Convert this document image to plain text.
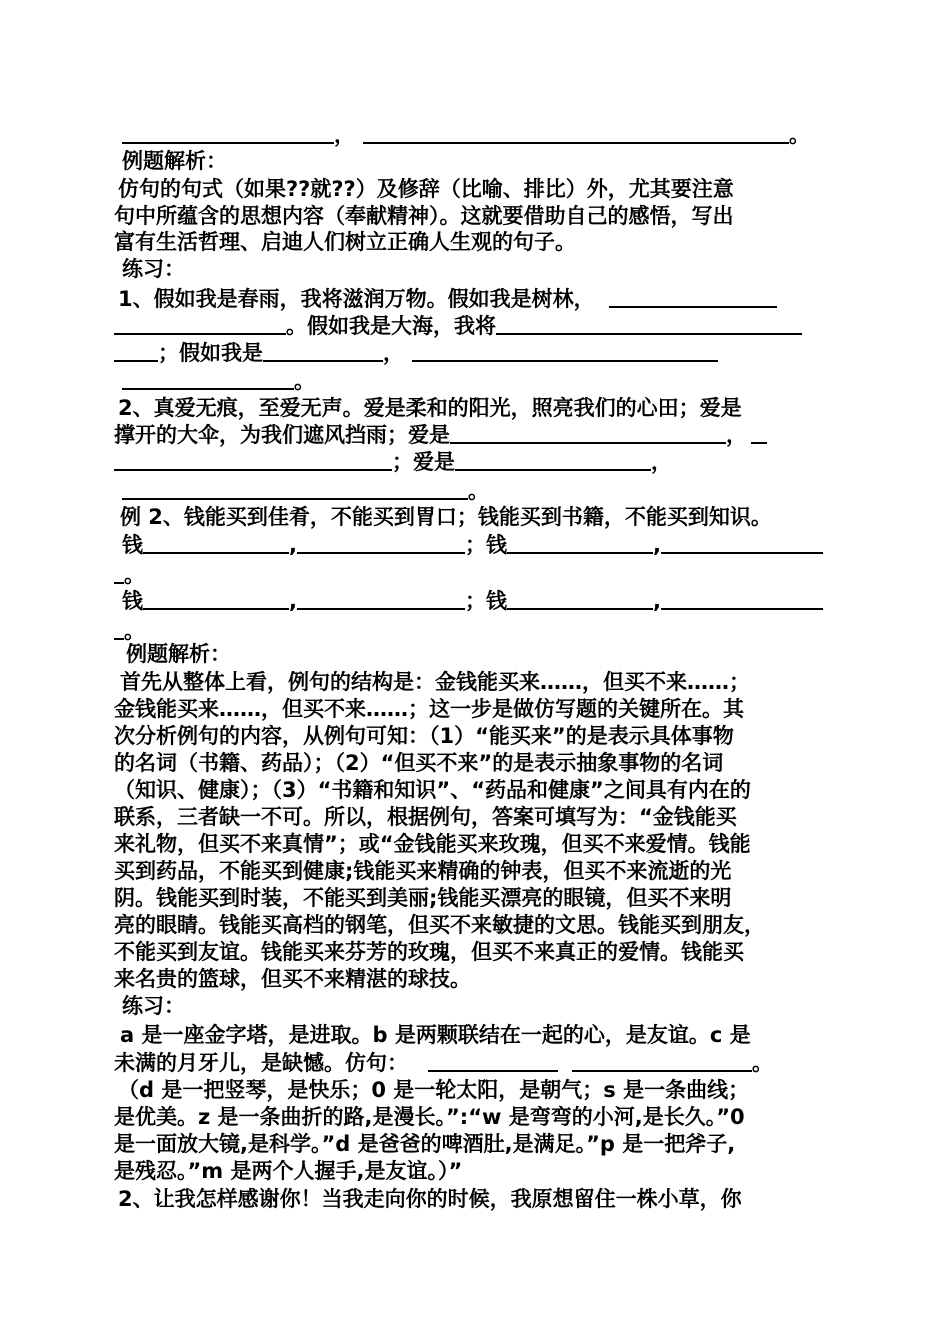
，	。
例题解析：
仿句的句式（如果??就??）及修辞（比喻、排比）外，尤其要注意
句中所蕴含的思想内容（奉献精神）。这就要借助自己的感悟，写出
富有生活哲理、启迪人们树立正确人生观的句子。
练习：
1、假如我是春雨，我将滋润万物。假如我是树林，
。假如我是大海，我将
；假如我是	，
。
2、真爱无痕，至爱无声。爱是柔和的阳光，照亮我们的心田；爱是
撑开的大伞，为我们遮风挡雨；爱是	，
；爱是	，
。
例 2、钱能买到佳肴，不能买到胃口；钱能买到书籍，不能买到知识。
钱	,	；钱	,
。
钱	,	；钱	,
。
例题解析：
首先从整体上看，例句的结构是：金钱能买来……，但买不来……；
金钱能买来……，但买不来……；这一步是做仿写题的关键所在。其
次分析例句的内容，从例句可知：（1）“能买来”的是表示具体事物
的名词（书籍、药品）；（2）“但买不来”的是表示抽象事物的名词
（知识、健康）；（3）“书籍和知识”、“药品和健康”之间具有内在的
联系，三者缺一不可。所以，根据例句，答案可填写为：“金钱能买
来礼物，但买不来真情”；或“金钱能买来玫瑰，但买不来爱情。钱能
买到药品，不能买到健康;钱能买来精确的钟表，但买不来流逝的光
阴。钱能买到时装，不能买到美丽;钱能买漂亮的眼镜，但买不来明
亮的眼睛。钱能买高档的钢笔，但买不来敏捷的文思。钱能买到朋友，
不能买到友谊。钱能买来芬芳的玫瑰，但买不来真正的爱情。钱能买
来名贵的篮球，但买不来精湛的球技。
练习：
a 是一座金字塔，是进取。b 是两颗联结在一起的心，是友谊。c 是
未满的月牙儿，是缺憾。仿句：	。
（d 是一把竖琴，是快乐；0 是一轮太阳，是朝气；s 是一条曲线；
是优美。z 是一条曲折的路,是漫长。”:“w 是弯弯的小河,是长久。”0
是一面放大镜,是科学。”d 是爸爸的啤酒肚,是满足。”p 是一把斧子,
是残忍。”m 是两个人握手,是友谊。）”
2、让我怎样感谢你！当我走向你的时候，我原想留住一株小草，你
